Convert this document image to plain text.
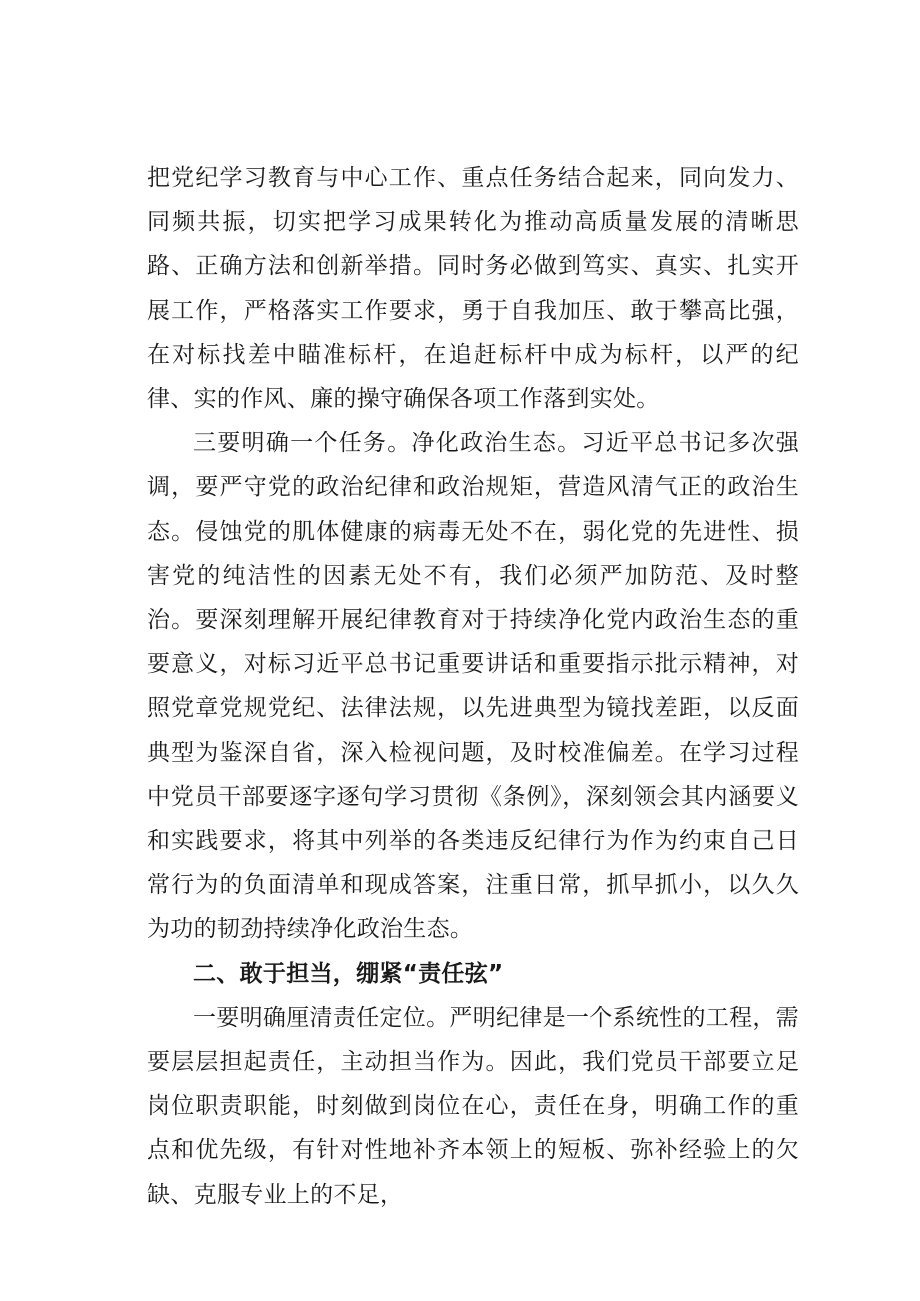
把党纪学习教育与中心工作、重点任务结合起来，同向发力、同频共振，切实把学习成果转化为推动高质量发展的清晰思路、正确方法和创新举措。同时务必做到笃实、真实、扎实开展工作，严格落实工作要求，勇于自我加压、敢于攀高比强，在对标找差中瞄准标杆，在追赶标杆中成为标杆，以严的纪律、实的作风、廉的操守确保各项工作落到实处。

三要明确一个任务。净化政治生态。习近平总书记多次强调，要严守党的政治纪律和政治规矩，营造风清气正的政治生态。侵蚀党的肌体健康的病毒无处不在，弱化党的先进性、损害党的纯洁性的因素无处不有，我们必须严加防范、及时整治。要深刻理解开展纪律教育对于持续净化党内政治生态的重要意义，对标习近平总书记重要讲话和重要指示批示精神，对照党章党规党纪、法律法规，以先进典型为镜找差距，以反面典型为鉴深自省，深入检视问题，及时校准偏差。在学习过程中党员干部要逐字逐句学习贯彻《条例》，深刻领会其内涵要义和实践要求，将其中列举的各类违反纪律行为作为约束自己日常行为的负面清单和现成答案，注重日常，抓早抓小，以久久为功的韧劲持续净化政治生态。

二、敢于担当，绷紧“责任弦”

一要明确厘清责任定位。严明纪律是一个系统性的工程，需要层层担起责任，主动担当作为。因此，我们党员干部要立足岗位职责职能，时刻做到岗位在心，责任在身，明确工作的重点和优先级，有针对性地补齐本领上的短板、弥补经验上的欠缺、克服专业上的不足，
